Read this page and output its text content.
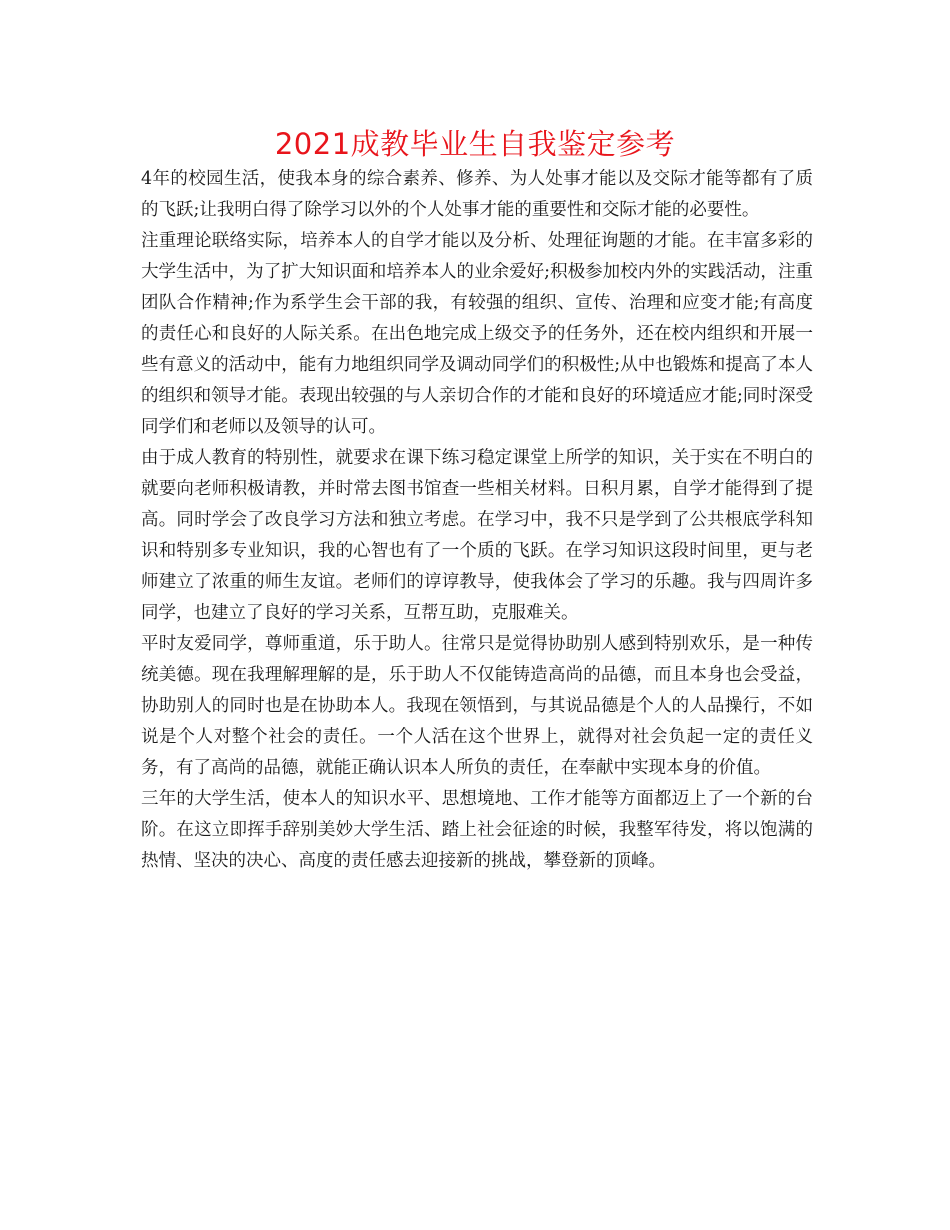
2021成教毕业生自我鉴定参考

4年的校园生活，使我本身的综合素养、修养、为人处事才能以及交际才能等都有了质的飞跃;让我明白得了除学习以外的个人处事才能的重要性和交际才能的必要性。

注重理论联络实际，培养本人的自学才能以及分析、处理征询题的才能。在丰富多彩的大学生活中，为了扩大知识面和培养本人的业余爱好;积极参加校内外的实践活动，注重团队合作精神;作为系学生会干部的我，有较强的组织、宣传、治理和应变才能;有高度的责任心和良好的人际关系。在出色地完成上级交予的任务外，还在校内组织和开展一些有意义的活动中，能有力地组织同学及调动同学们的积极性;从中也锻炼和提高了本人的组织和领导才能。表现出较强的与人亲切合作的才能和良好的环境适应才能;同时深受同学们和老师以及领导的认可。

由于成人教育的特别性，就要求在课下练习稳定课堂上所学的知识，关于实在不明白的就要向老师积极请教，并时常去图书馆查一些相关材料。日积月累，自学才能得到了提高。同时学会了改良学习方法和独立考虑。在学习中，我不只是学到了公共根底学科知识和特别多专业知识，我的心智也有了一个质的飞跃。在学习知识这段时间里，更与老师建立了浓重的师生友谊。老师们的谆谆教导，使我体会了学习的乐趣。我与四周许多同学，也建立了良好的学习关系，互帮互助，克服难关。

平时友爱同学，尊师重道，乐于助人。往常只是觉得协助别人感到特别欢乐，是一种传统美德。现在我理解理解的是，乐于助人不仅能铸造高尚的品德，而且本身也会受益，协助别人的同时也是在协助本人。我现在领悟到，与其说品德是个人的人品操行，不如说是个人对整个社会的责任。一个人活在这个世界上，就得对社会负起一定的责任义务，有了高尚的品德，就能正确认识本人所负的责任，在奉献中实现本身的价值。

三年的大学生活，使本人的知识水平、思想境地、工作才能等方面都迈上了一个新的台阶。在这立即挥手辞别美妙大学生活、踏上社会征途的时候，我整军待发，将以饱满的热情、坚决的决心、高度的责任感去迎接新的挑战，攀登新的顶峰。
